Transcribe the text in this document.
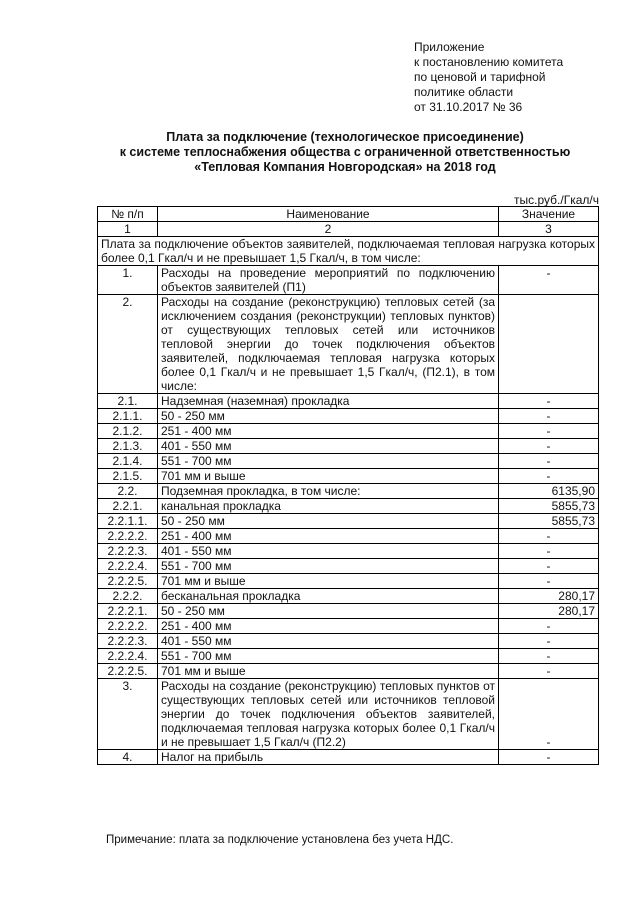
Приложение
к постановлению комитета
по ценовой и тарифной
политике области
от 31.10.2017 № 36
Плата за подключение (технологическое присоединение)
к системе теплоснабжения общества с ограниченной ответственностью
«Тепловая Компания Новгородская» на 2018 год
тыс.руб./Гкал/ч
№ п/п	Наименование	Значение
1	2	3
Плата за подключение объектов заявителей, подключаемая тепловая нагрузка которых более 0,1 Гкал/ч и не превышает 1,5 Гкал/ч, в том числе:		
1.	Расходы на проведение мероприятий по подключению объектов заявителей (П1)	-
2.	Расходы на создание (реконструкцию) тепловых сетей (за исключением создания (реконструкции) тепловых пунктов) от существующих тепловых сетей или источников тепловой энергии до точек подключения объектов заявителей, подключаемая тепловая нагрузка которых более 0,1 Гкал/ч и не превышает 1,5 Гкал/ч, (П2.1), в том числе:	
2.1.	Надземная (наземная) прокладка	-
2.1.1.	50 - 250 мм	-
2.1.2.	251 - 400 мм	-
2.1.3.	401 - 550 мм	-
2.1.4.	551 - 700 мм	-
2.1.5.	701 мм и выше	-
2.2.	Подземная прокладка, в том числе:	6135,90
2.2.1.	канальная прокладка	5855,73
2.2.1.1.	50 - 250 мм	5855,73
2.2.2.2.	251 - 400 мм	-
2.2.2.3.	401 - 550 мм	-
2.2.2.4.	551 - 700 мм	-
2.2.2.5.	701 мм и выше	-
2.2.2.	бесканальная прокладка	280,17
2.2.2.1.	50 - 250 мм	280,17
2.2.2.2.	251 - 400 мм	-
2.2.2.3.	401 - 550 мм	-
2.2.2.4.	551 - 700 мм	-
2.2.2.5.	701 мм и выше	-
3.	Расходы на создание (реконструкцию) тепловых пунктов от существующих тепловых сетей или источников тепловой энергии до точек подключения объектов заявителей, подключаемая тепловая нагрузка которых более 0,1 Гкал/ч и не превышает 1,5 Гкал/ч (П2.2)	-
4.	Налог на прибыль	-
Примечание: плата за подключение установлена без учета НДС.
